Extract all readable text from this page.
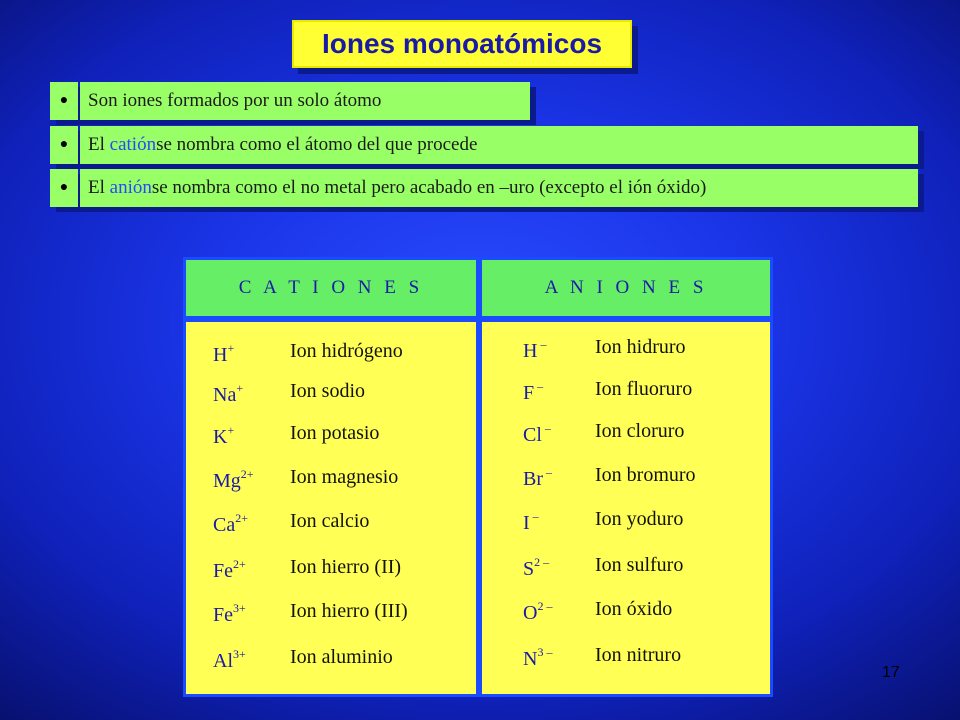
Iones monoatómicos
●	Son iones formados por un solo átomo
●	El
catión se nombra como el átomo del que procede
●	El
anión se nombra como el no metal pero acabado en –uro (excepto el ión óxido)
C A T I O N E S	A N I O N E S
H+	Ion hidrógeno
Na+ Ion sodio
K+	Ion potasio
$Mg^{2+}$ Ion magnesio
$Ca^{2+}$ Ion calcio
$Fe^{2+}$ Ion hierro (II)
$Fe^{3+}$ Ion hierro (III)
$Al^{3+}$ Ion aluminio
H – Ion hidruro
F –	Ion fluoruro
Cl – Ion cloruro
Br – Ion bromuro
I –	Ion yoduro
$S^{2 -}$ Ion sulfuro
$O^{2 -}$ Ion óxido
$N^{3 -}$ Ion nitruro
17
